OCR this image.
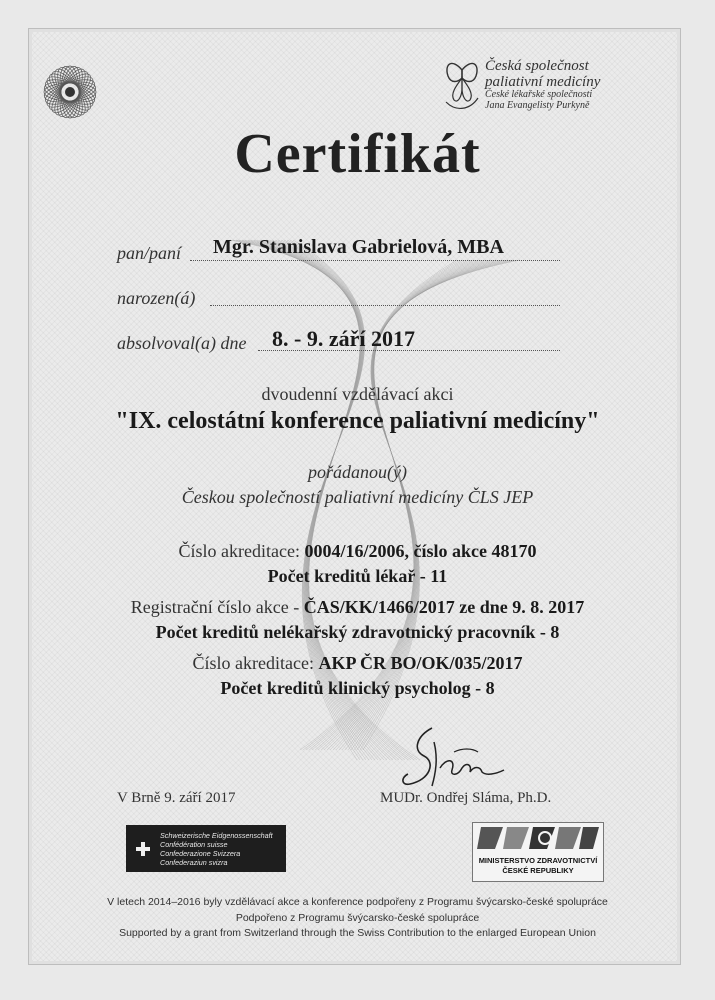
Česká společnost
paliativní medicíny
České lékařské společnosti
Jana Evangelisty Purkyně
Certifikát
pan/paní Mgr. Stanislava Gabrielová, MBA
narozen(á)
absolvoval(a) dne 8. - 9. září 2017
dvoudenní vzdělávací akci
"IX. celostátní konference paliativní medicíny"
pořádanou(ý)
Českou společností paliativní medicíny ČLS JEP
Číslo akreditace: 0004/16/2006, číslo akce 48170
Počet kreditů lékař - 11
Registrační číslo akce - ČAS/KK/1466/2017 ze dne 9. 8. 2017
Počet kreditů nelékařský zdravotnický pracovník - 8
Číslo akreditace: AKP ČR BO/OK/035/2017
Počet kreditů klinický psycholog - 8
V Brně 9. září 2017	MUDr. Ondřej Sláma, Ph.D.
Schweizerische Eidgenossenschaft
Confédération suisse
Confederazione Svizzera
Confederaziun svizra	MINISTERSTVO ZDRAVOTNICTVÍ
ČESKÉ REPUBLIKY
V letech 2014–2016 byly vzdělávací akce a konference podpořeny z Programu švýcarsko-české spolupráce
Podpořeno z Programu švýcarsko-české spolupráce
Supported by a grant from Switzerland through the Swiss Contribution to the enlarged European Union
